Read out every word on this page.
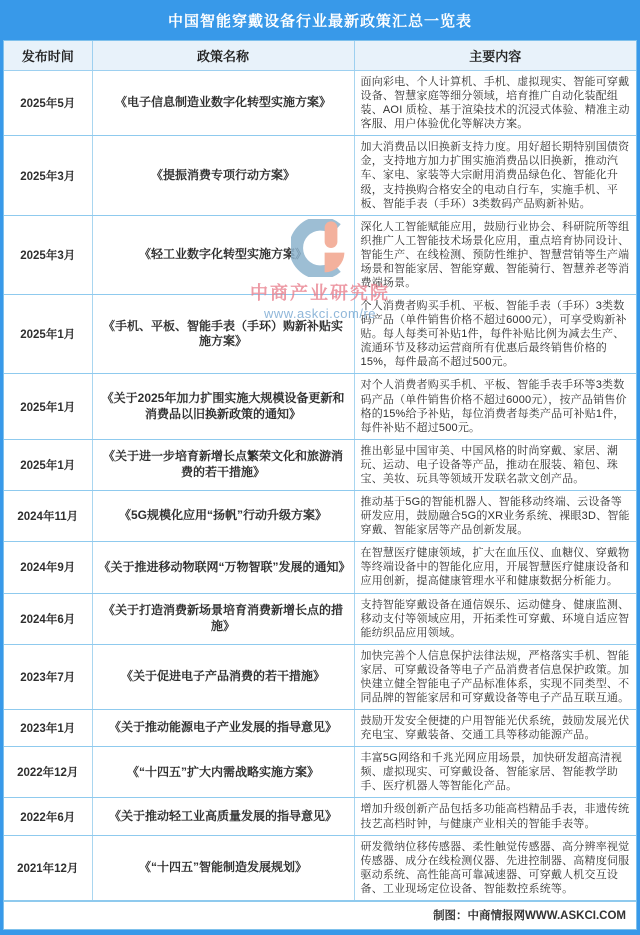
中国智能穿戴设备行业最新政策汇总一览表
发布时间	政策名称	主要内容
2025年5月	《电子信息制造业数字化转型实施方案》	面向彩电、个人计算机、手机、虚拟现实、智能可穿戴设备、智慧家庭等细分领域，培育推广自动化装配组装、AOI 质检、基于渲染技术的沉浸式体验、精准主动客服、用户体验优化等解决方案。
2025年3月	《提振消费专项行动方案》	加大消费品以旧换新支持力度。用好超长期特别国债资金，支持地方加力扩围实施消费品以旧换新，推动汽车、家电、家装等大宗耐用消费品绿色化、智能化升级，支持换购合格安全的电动自行车，实施手机、平板、智能手表（手环）3类数码产品购新补贴。
2025年3月	《轻工业数字化转型实施方案》	深化人工智能赋能应用，鼓励行业协会、科研院所等组织推广人工智能技术场景化应用，重点培育协同设计、智能生产、在线检测、预防性维护、智慧营销等生产端场景和智能家居、智能穿戴、智能骑行、智慧养老等消费端场景。
2025年1月	《手机、平板、智能手表（手环）购新补贴实施方案》	个人消费者购买手机、平板、智能手表（手环）3类数码产品（单件销售价格不超过6000元），可享受购新补贴。每人每类可补贴1件，每件补贴比例为减去生产、流通环节及移动运营商所有优惠后最终销售价格的15%，每件最高不超过500元。
2025年1月	《关于2025年加力扩围实施大规模设备更新和消费品以旧换新政策的通知》	对个人消费者购买手机、平板、智能手表手环等3类数码产品（单件销售价格不超过6000元），按产品销售价格的15%给予补贴，每位消费者每类产品可补贴1件，每件补贴不超过500元。
2025年1月	《关于进一步培育新增长点繁荣文化和旅游消费的若干措施》	推出彰显中国审美、中国风格的时尚穿戴、家居、潮玩、运动、电子设备等产品，推动在服装、箱包、珠宝、美妆、玩具等领域开发联名款文创产品。
2024年11月	《5G规模化应用“扬帆”行动升级方案》	推动基于5G的智能机器人、智能移动终端、云设备等研发应用，鼓励融合5G的XR业务系统、裸眼3D、智能穿戴、智能家居等产品创新发展。
2024年9月	《关于推进移动物联网“万物智联”发展的通知》	在智慧医疗健康领域，扩大在血压仪、血糖仪、穿戴物等终端设备中的智能化应用，开展智慧医疗健康设备和应用创新，提高健康管理水平和健康数据分析能力。
2024年6月	《关于打造消费新场景培育消费新增长点的措施》	支持智能穿戴设备在通信娱乐、运动健身、健康监测、移动支付等领域应用，开拓柔性可穿戴、环境自适应智能纺织品应用领域。
2023年7月	《关于促进电子产品消费的若干措施》	加快完善个人信息保护法律法规，严格落实手机、智能家居、可穿戴设备等电子产品消费者信息保护政策。加快建立健全智能电子产品标准体系，实现不同类型、不同品牌的智能家居和可穿戴设备等电子产品互联互通。
2023年1月	《关于推动能源电子产业发展的指导意见》	鼓励开发安全便捷的户用智能光伏系统，鼓励发展光伏充电宝、穿戴装备、交通工具等移动能源产品。
2022年12月	《“十四五”扩大内需战略实施方案》	丰富5G网络和千兆光网应用场景，加快研发超高清视频、虚拟现实、可穿戴设备、智能家居、智能教学助手、医疗机器人等智能化产品。
2022年6月	《关于推动轻工业高质量发展的指导意见》	增加升级创新产品包括多功能高档精品手表，非遗传统技艺高档时钟，与健康产业相关的智能手表等。
2021年12月	《“十四五”智能制造发展规划》	研发微纳位移传感器、柔性触觉传感器、高分辨率视觉传感器、成分在线检测仪器、先进控制器、高精度伺服驱动系统、高性能高可靠减速器、可穿戴人机交互设备、工业现场定位设备、智能数控系统等。
制图：中商情报网WWW.ASKCI.COM
中商产业研究院
www.askci.com/re
